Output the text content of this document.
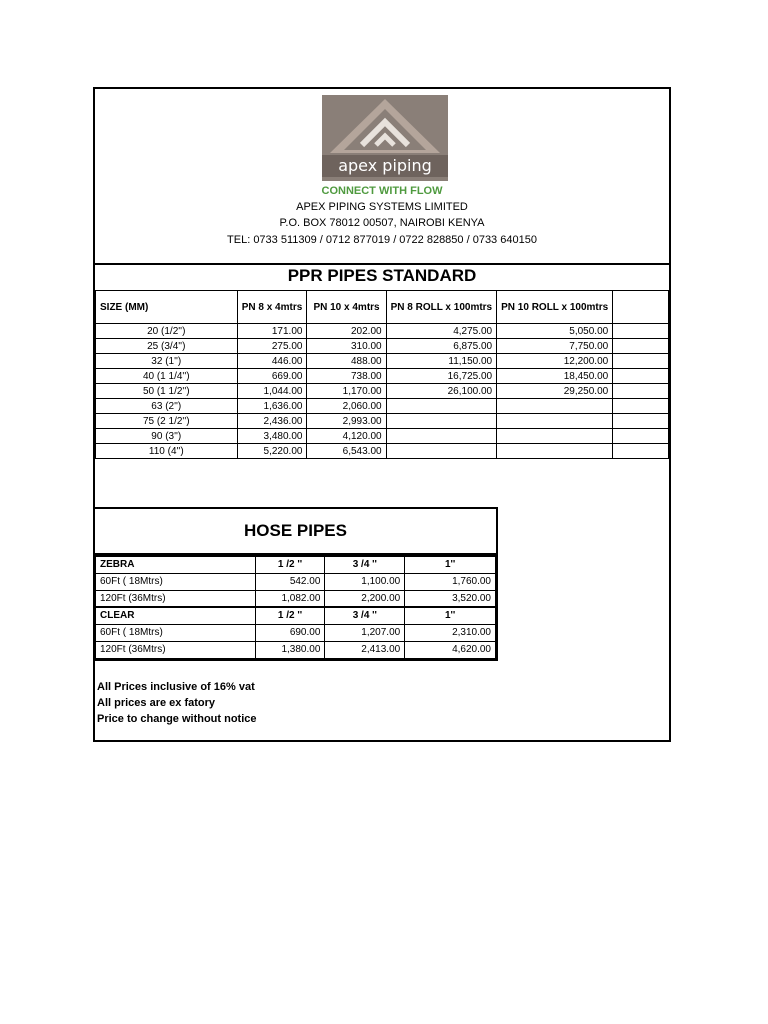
apex piping
CONNECT WITH FLOW
APEX PIPING SYSTEMS LIMITED
P.O. BOX 78012 00507, NAIROBI KENYA
TEL: 0733 511309 / 0712 877019 / 0722 828850 / 0733 640150
PPR PIPES STANDARD
SIZE (MM)	PN 8 x 4mtrs	PN 10 x 4mtrs	PN 8 ROLL x 100mtrs	PN 10 ROLL x 100mtrs	
20 (1/2'')	171.00	202.00	4,275.00	5,050.00	
25 (3/4'')	275.00	310.00	6,875.00	7,750.00	
32 (1'')	446.00	488.00	11,150.00	12,200.00	
40 (1 1/4'')	669.00	738.00	16,725.00	18,450.00	
50 (1 1/2'')	1,044.00	1,170.00	26,100.00	29,250.00	
63 (2'')	1,636.00	2,060.00			
75 (2 1/2'')	2,436.00	2,993.00			
90 (3'')	3,480.00	4,120.00			
110 (4'')	5,220.00	6,543.00			
HOSE PIPES
ZEBRA	1 /2 ''	3 /4 ''	1''
60Ft ( 18Mtrs)	542.00	1,100.00	1,760.00
120Ft (36Mtrs)	1,082.00	2,200.00	3,520.00
CLEAR	1 /2 ''	3 /4 ''	1''
60Ft ( 18Mtrs)	690.00	1,207.00	2,310.00
120Ft (36Mtrs)	1,380.00	2,413.00	4,620.00
All Prices inclusive of 16% vat
All prices are ex fatory
Price to change without notice
